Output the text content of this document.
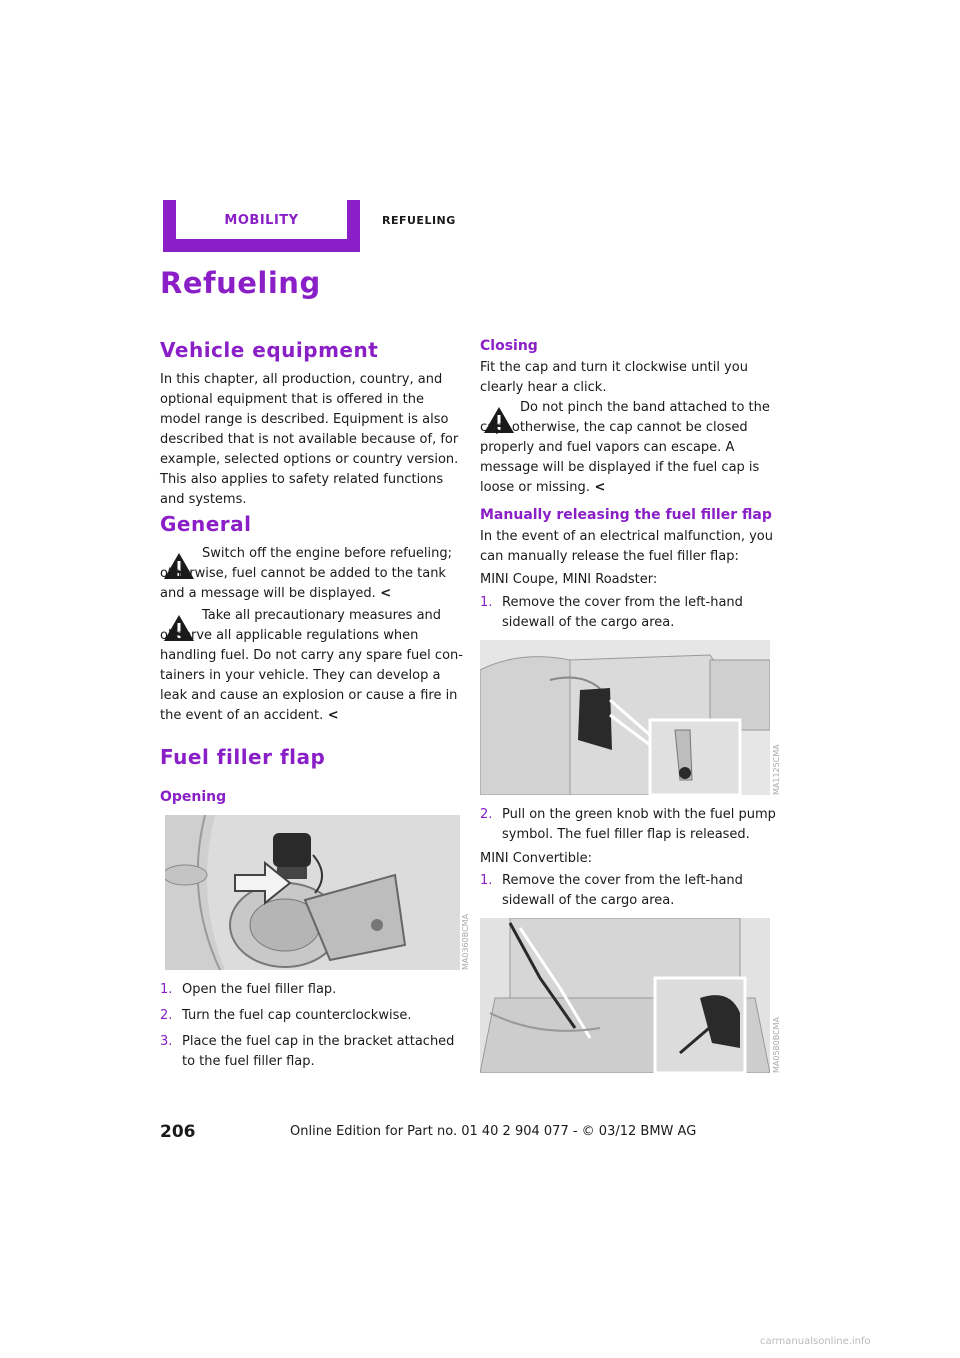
MOBILITY	REFUELING
Refueling
Vehicle equipment

In this chapter, all production, country, and optional equipment that is offered in the model range is described. Equipment is also described that is not available because of, for example, selected options or country version. This also applies to safety related functions and systems.

General
Switch off the engine before refueling; otherwise, fuel cannot be added to the tank and a message will be displayed. <
Take all precautionary measures and observe all applicable regulations when handling fuel. Do not carry any spare fuel con-tainers in your vehicle. They can develop a leak and cause an explosion or cause a fire in the event of an accident. <
Fuel filler flap
Opening
MA0360BCMA
1. Open the fuel filler flap.
2. Turn the fuel cap counterclockwise.
3. Place the fuel cap in the bracket attached to the fuel filler flap.
Closing

Fit the cap and turn it clockwise until you clearly hear a click.

Do not pinch the band attached to the cap; otherwise, the cap cannot be closed properly and fuel vapors can escape. A message will be displayed if the fuel cap is loose or missing. <
Manually releasing the fuel filler flap

In the event of an electrical malfunction, you can manually release the fuel filler flap:

MINI Coupe, MINI Roadster:

1. Remove the cover from the left-hand sidewall of the cargo area.
MA1125CMA
2. Pull on the green knob with the fuel pump symbol. The fuel filler flap is released.

MINI Convertible:

1. Remove the cover from the left-hand sidewall of the cargo area.
MA0580BCMA
206	Online Edition for Part no. 01 40 2 904 077 - © 03/12 BMW AG
carmanualsonline.info
